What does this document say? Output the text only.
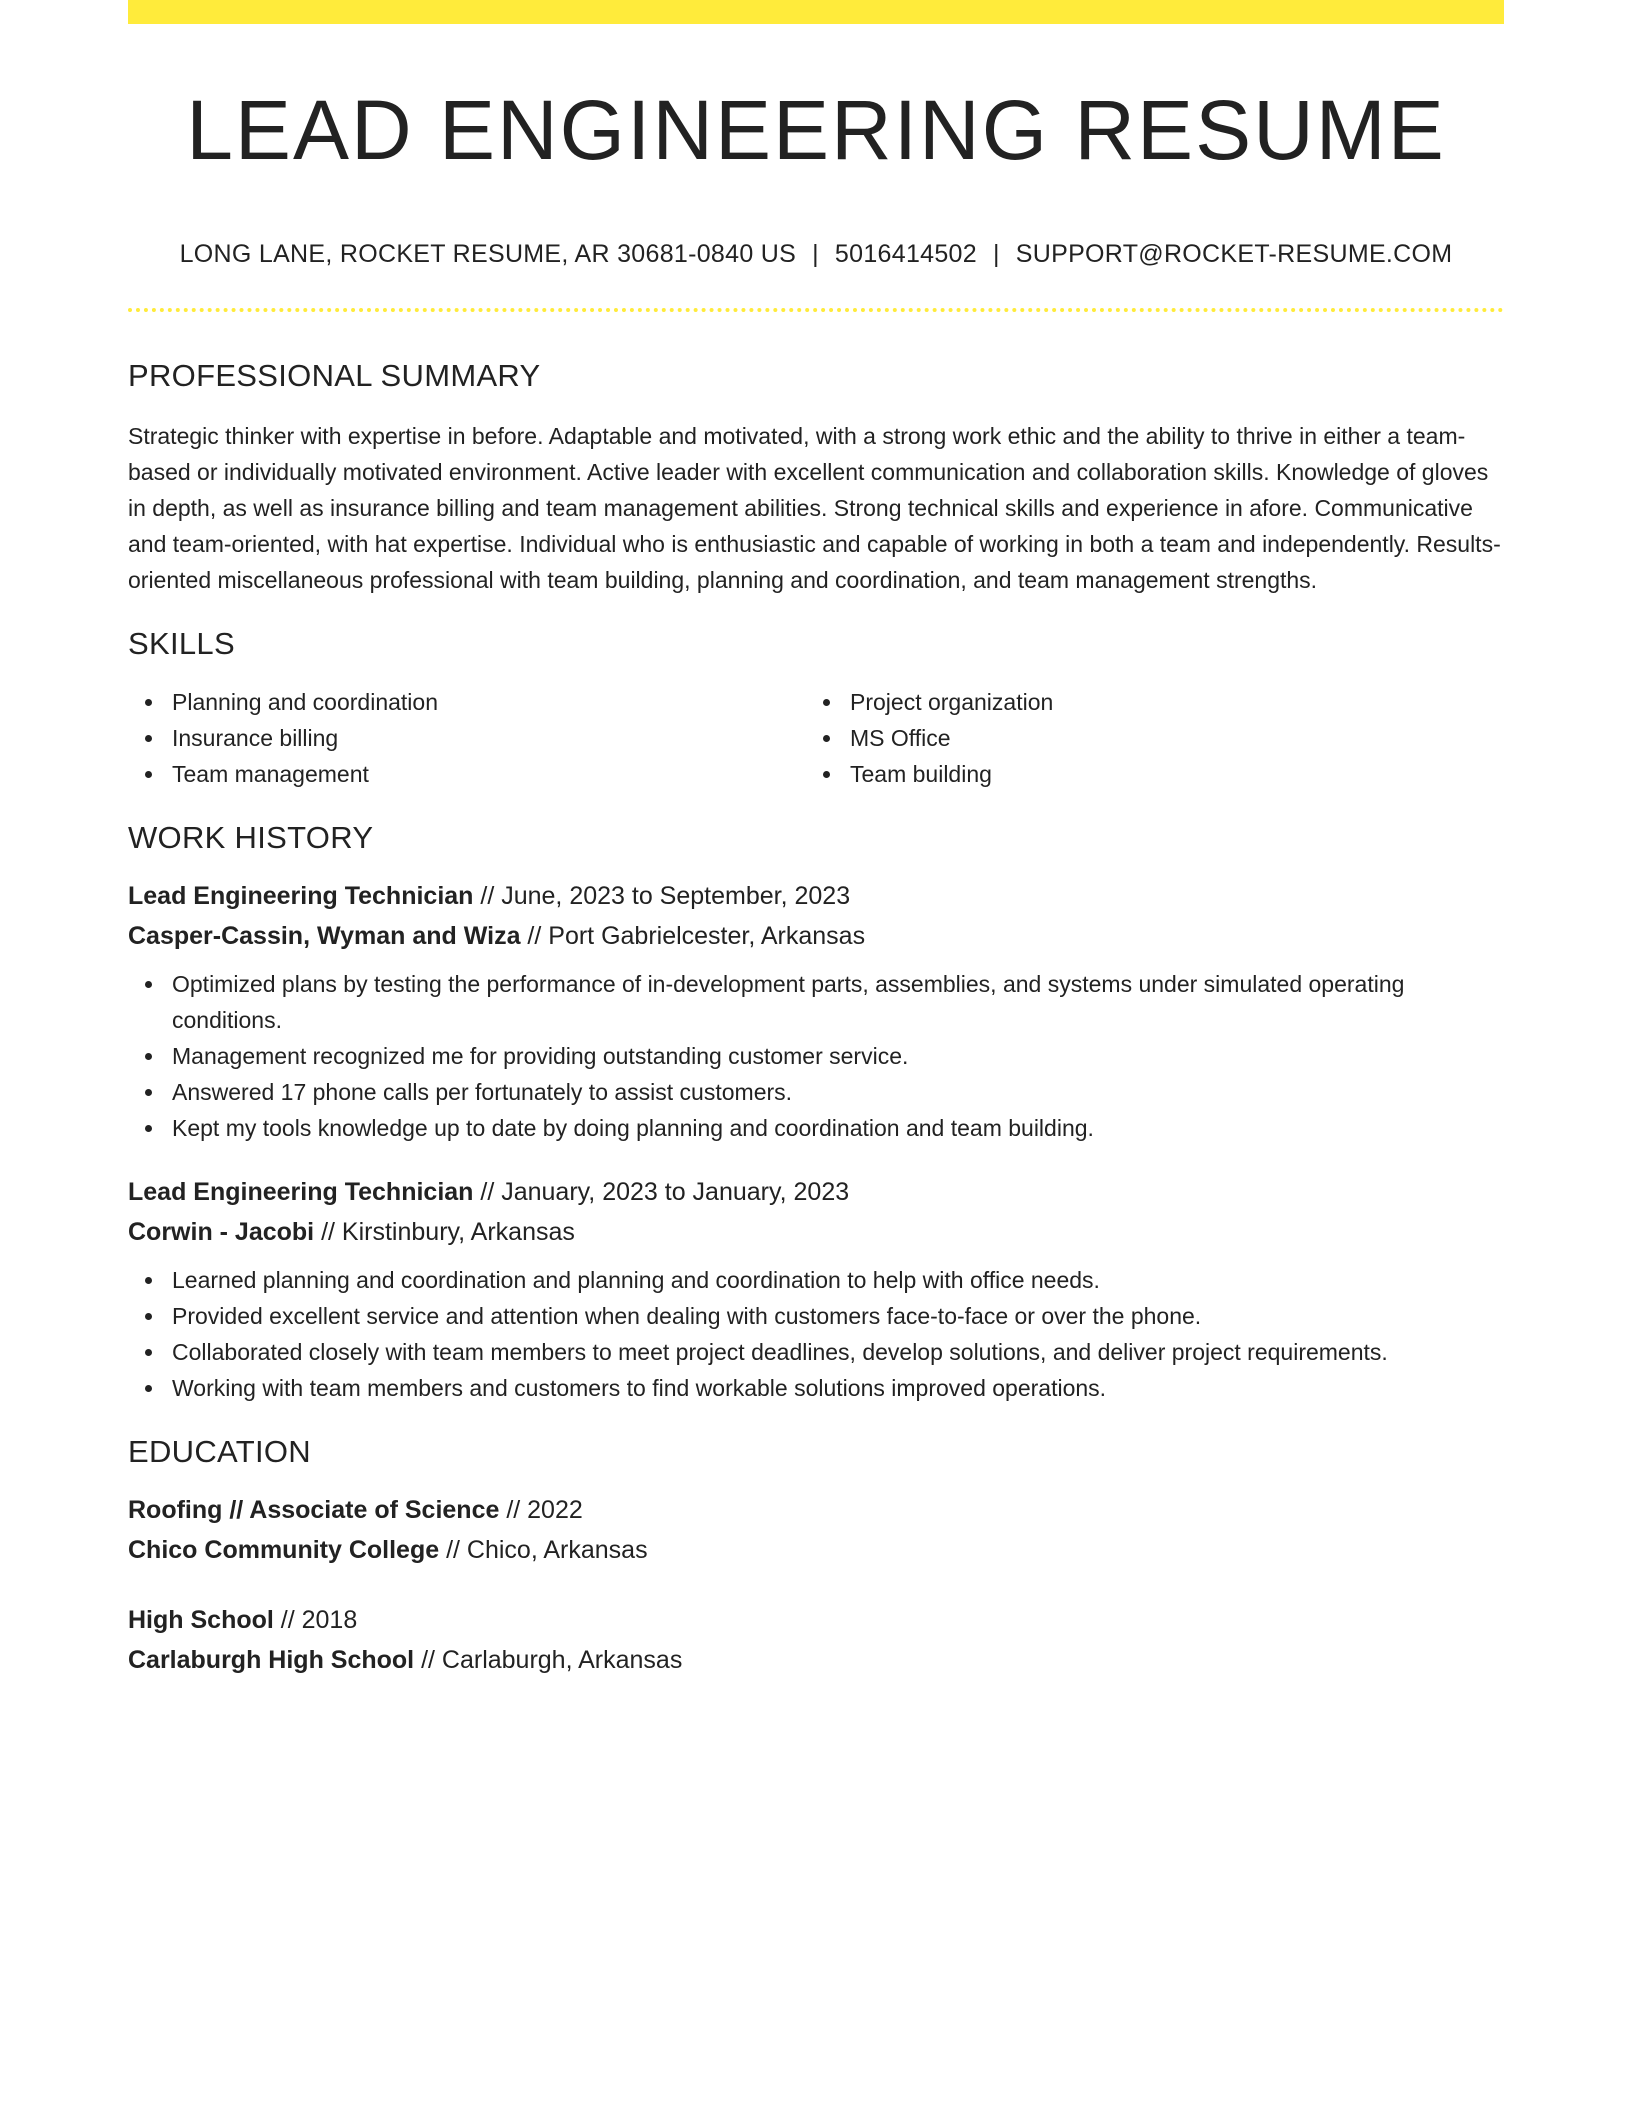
LEAD ENGINEERING RESUME
LONG LANE, ROCKET RESUME, AR 30681-0840 US | 5016414502 | SUPPORT@ROCKET-RESUME.COM
PROFESSIONAL SUMMARY

Strategic thinker with expertise in before. Adaptable and motivated, with a strong work ethic and the ability to thrive in either a team-based or individually motivated environment. Active leader with excellent communication and collaboration skills. Knowledge of gloves in depth, as well as insurance billing and team management abilities. Strong technical skills and experience in afore. Communicative and team-oriented, with hat expertise. Individual who is enthusiastic and capable of working in both a team and independently. Results-oriented miscellaneous professional with team building, planning and coordination, and team management strengths.

SKILLS
Planning and coordination
Insurance billing
Team management
Project organization
MS Office
Team building
WORK HISTORY
Lead Engineering Technician // June, 2023 to September, 2023
Casper-Cassin, Wyman and Wiza // Port Gabrielcester, Arkansas
Optimized plans by testing the performance of in-development parts, assemblies, and systems under simulated operating conditions.
Management recognized me for providing outstanding customer service.
Answered 17 phone calls per fortunately to assist customers.
Kept my tools knowledge up to date by doing planning and coordination and team building.
Lead Engineering Technician // January, 2023 to January, 2023
Corwin - Jacobi // Kirstinbury, Arkansas
Learned planning and coordination and planning and coordination to help with office needs.
Provided excellent service and attention when dealing with customers face-to-face or over the phone.
Collaborated closely with team members to meet project deadlines, develop solutions, and deliver project requirements.
Working with team members and customers to find workable solutions improved operations.
EDUCATION
Roofing // Associate of Science // 2022
Chico Community College // Chico, Arkansas
High School // 2018
Carlaburgh High School // Carlaburgh, Arkansas
